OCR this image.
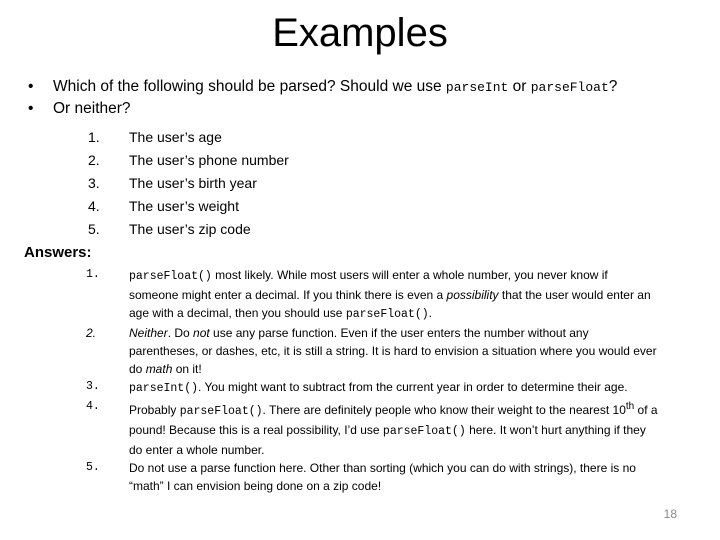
Examples
• Which of the following should be parsed? Should we use parseInt or parseFloat?
• Or neither?
1. The user’s age
2. The user’s phone number
3. The user’s birth year
4. The user’s weight
5. The user’s zip code
Answers:
1.	parseFloat() most likely. While most users will enter a whole number, you never know if someone might enter a decimal. If you think there is even a possibility that the user would enter an age with a decimal, then you should use parseFloat().
2.	Neither. Do not use any parse function. Even if the user enters the number without any parentheses, or dashes, etc, it is still a string. It is hard to envision a situation where you would ever do math on it!
3.	parseInt(). You might want to subtract from the current year in order to determine their age.
4. Probably parseFloat(). There are definitely people who know their weight to the nearest 10th of a pound! Because this is a real possibility, I’d use parseFloat() here. It won’t hurt anything if they do enter a whole number.
5. Do not use a parse function here. Other than sorting (which you can do with strings), there is no “math” I can envision being done on a zip code!
18
